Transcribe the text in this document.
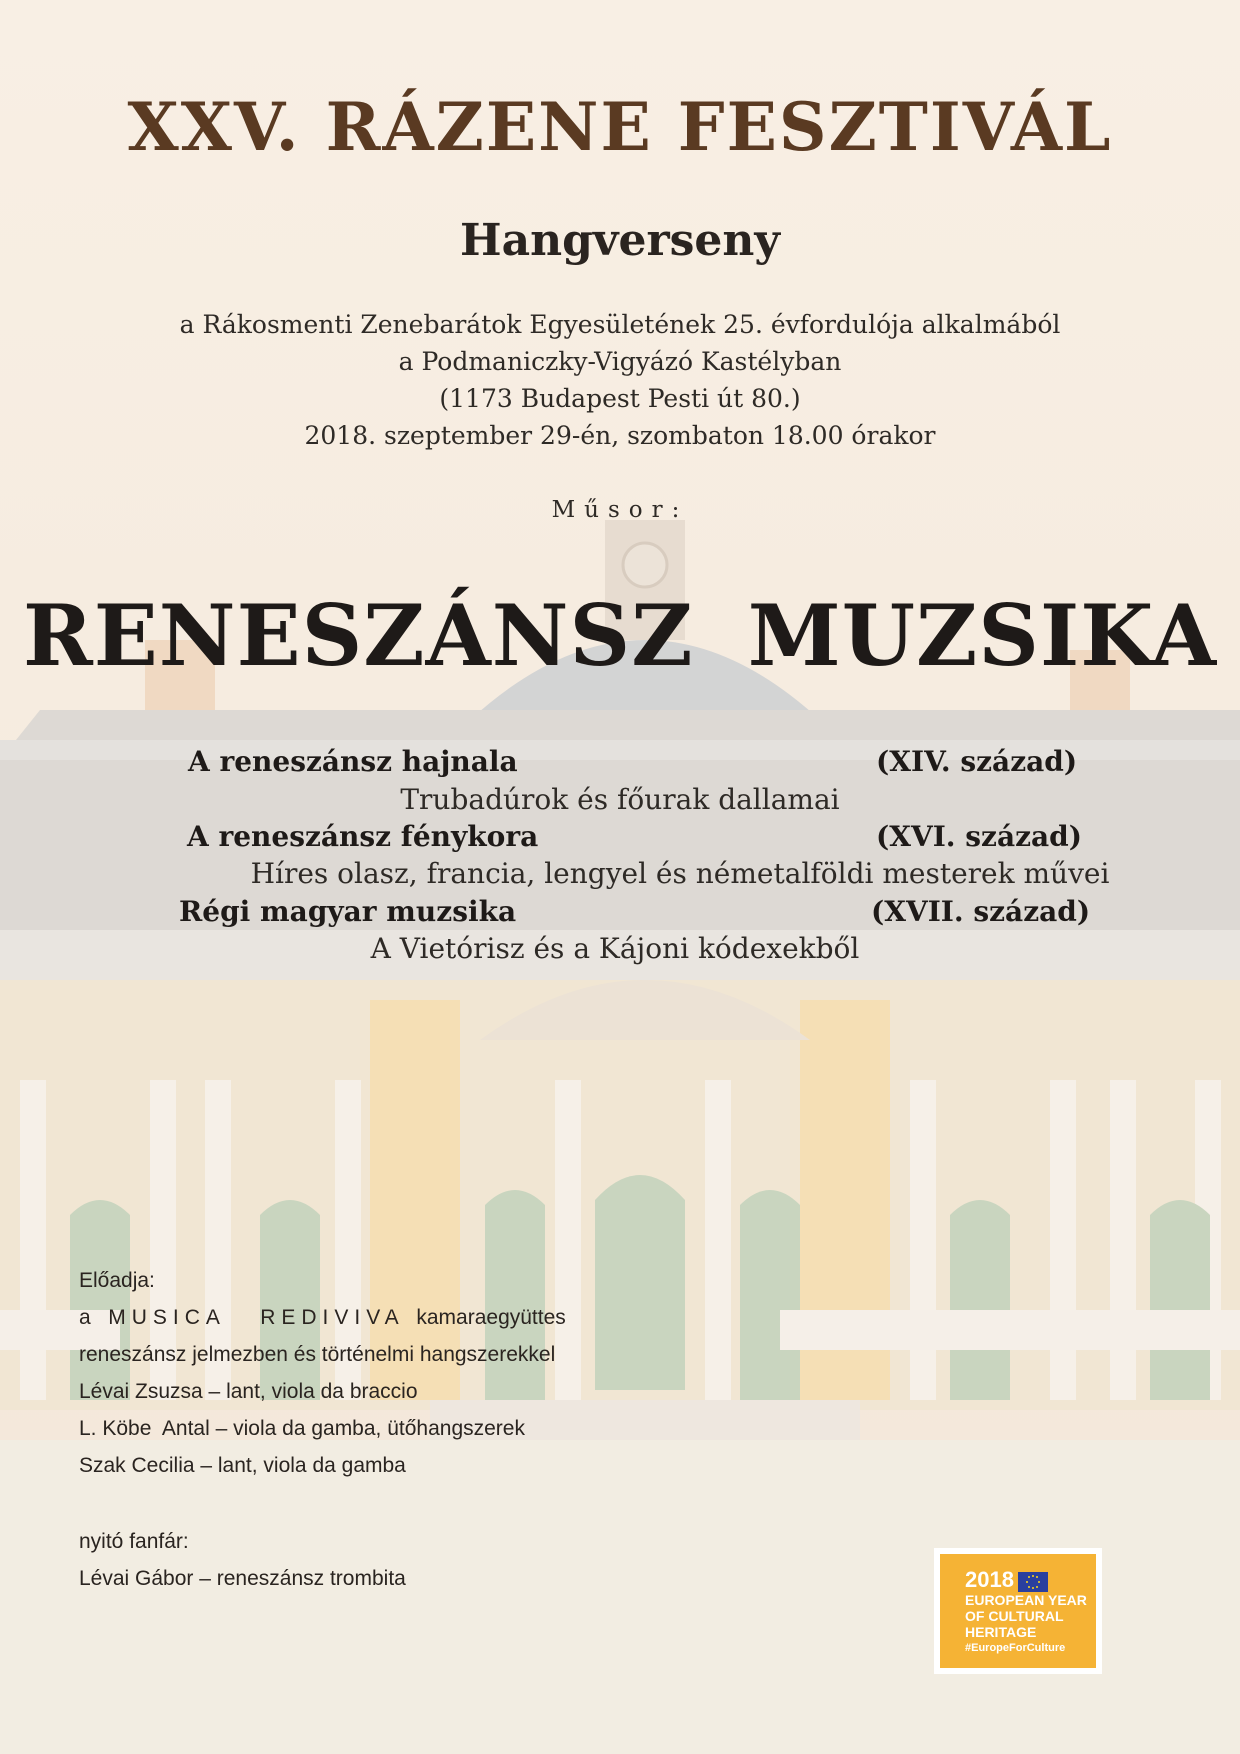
XXV. RÁZENE FESZTIVÁL
Hangverseny
a Rákosmenti Zenebarátok Egyesületének 25. évfordulója alkalmából
a Podmaniczky-Vigyázó Kastélyban
(1173 Budapest Pesti út 80.)
2018. szeptember 29-én, szombaton 18.00 órakor
Műsor:
RENESZÁNSZ MUZSIKA
A reneszánsz hajnala	(XIV. század)
Trubadúrok és főurak dallamai
A reneszánsz fénykora	(XVI. század)
Híres olasz, francia, lengyel és németalföldi mesterek művei
Régi magyar muzsika	(XVII. század)
A Vietórisz és a Kájoni kódexekből
Előadja:
a MUSICA   REDIVIVA kamaraegyüttes
reneszánsz jelmezben és történelmi hangszerekkel
Lévai Zsuzsa – lant, viola da braccio
L. Köbe  Antal – viola da gamba, ütőhangszerek
Szak Cecilia – lant, viola da gamba
nyitó fanfár:
Lévai Gábor – reneszánsz trombita	2018
EUROPEAN YEAR
OF CULTURAL
HERITAGE
#EuropeForCulture
